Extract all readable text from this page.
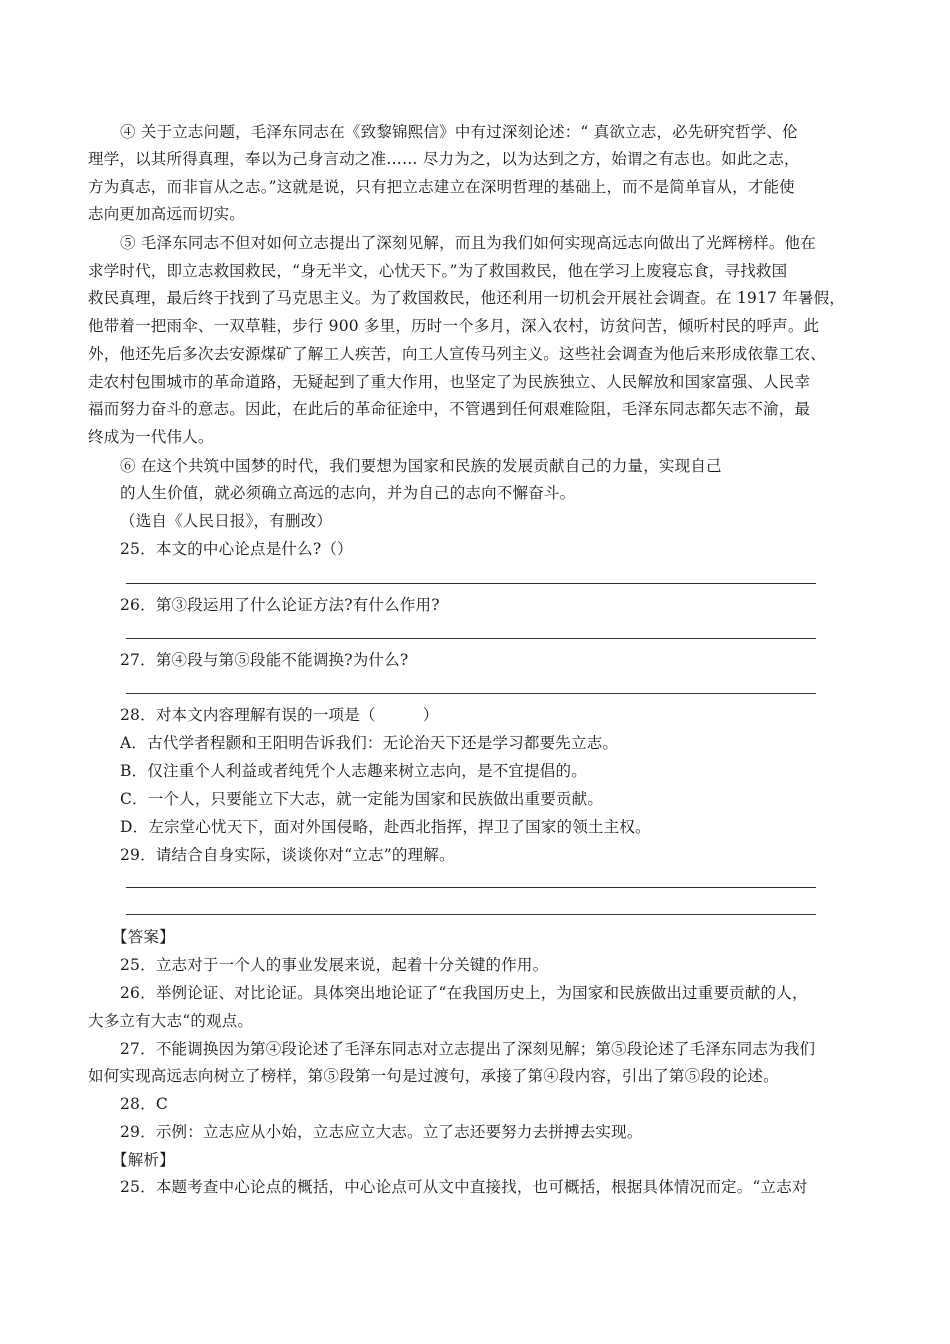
④ 关于立志问题，毛泽东同志在《致黎锦熙信》中有过深刻论述：“ 真欲立志，必先研究哲学、伦
理学，以其所得真理，奉以为己身言动之准…… 尽力为之，以为达到之方，始谓之有志也。如此之志，
方为真志，而非盲从之志。”这就是说，只有把立志建立在深明哲理的基础上，而不是简单盲从，才能使
志向更加高远而切实。
⑤ 毛泽东同志不但对如何立志提出了深刻见解，而且为我们如何实现高远志向做出了光辉榜样。他在
求学时代，即立志救国救民，“身无半文，心忧天下。”为了救国救民，他在学习上废寝忘食，寻找救国
救民真理，最后终于找到了马克思主义。为了救国救民，他还利用一切机会开展社会调查。在 1917 年暑假，
他带着一把雨伞、一双草鞋，步行 900 多里，历时一个多月，深入农村，访贫问苦，倾听村民的呼声。此
外，他还先后多次去安源煤矿了解工人疾苦，向工人宣传马列主义。这些社会调查为他后来形成依靠工农、
走农村包围城市的革命道路，无疑起到了重大作用，也坚定了为民族独立、人民解放和国家富强、人民幸
福而努力奋斗的意志。因此，在此后的革命征途中，不管遇到任何艰难险阻，毛泽东同志都矢志不渝，最
终成为一代伟人。
⑥ 在这个共筑中国梦的时代，我们要想为国家和民族的发展贡献自己的力量，实现自己
的人生价值，就必须确立高远的志向，并为自己的志向不懈奋斗。
（选自《人民日报》，有删改）
25．本文的中心论点是什么?（）
26．第③段运用了什么论证方法?有什么作用?
27．第④段与第⑤段能不能调换?为什么?
28．对本文内容理解有误的一项是（　　　）
A．古代学者程颢和王阳明告诉我们：无论治天下还是学习都要先立志。
B．仅注重个人利益或者纯凭个人志趣来树立志向，是不宜提倡的。
C．一个人，只要能立下大志，就一定能为国家和民族做出重要贡献。
D．左宗堂心忧天下，面对外国侵略，赴西北指挥，捍卫了国家的领土主权。
29．请结合自身实际，谈谈你对“立志”的理解。
【答案】
25．立志对于一个人的事业发展来说，起着十分关键的作用。
26．举例论证、对比论证。具体突出地论证了“在我国历史上，为国家和民族做出过重要贡献的人，
大多立有大志“的观点。
27．不能调换因为第④段论述了毛泽东同志对立志提出了深刻见解；第⑤段论述了毛泽东同志为我们
如何实现高远志向树立了榜样，第⑤段第一句是过渡句，承接了第④段内容，引出了第⑤段的论述。
28．C
29．示例：立志应从小始，立志应立大志。立了志还要努力去拼搏去实现。
【解析】
25．本题考查中心论点的概括，中心论点可从文中直接找，也可概括，根据具体情况而定。“立志对
